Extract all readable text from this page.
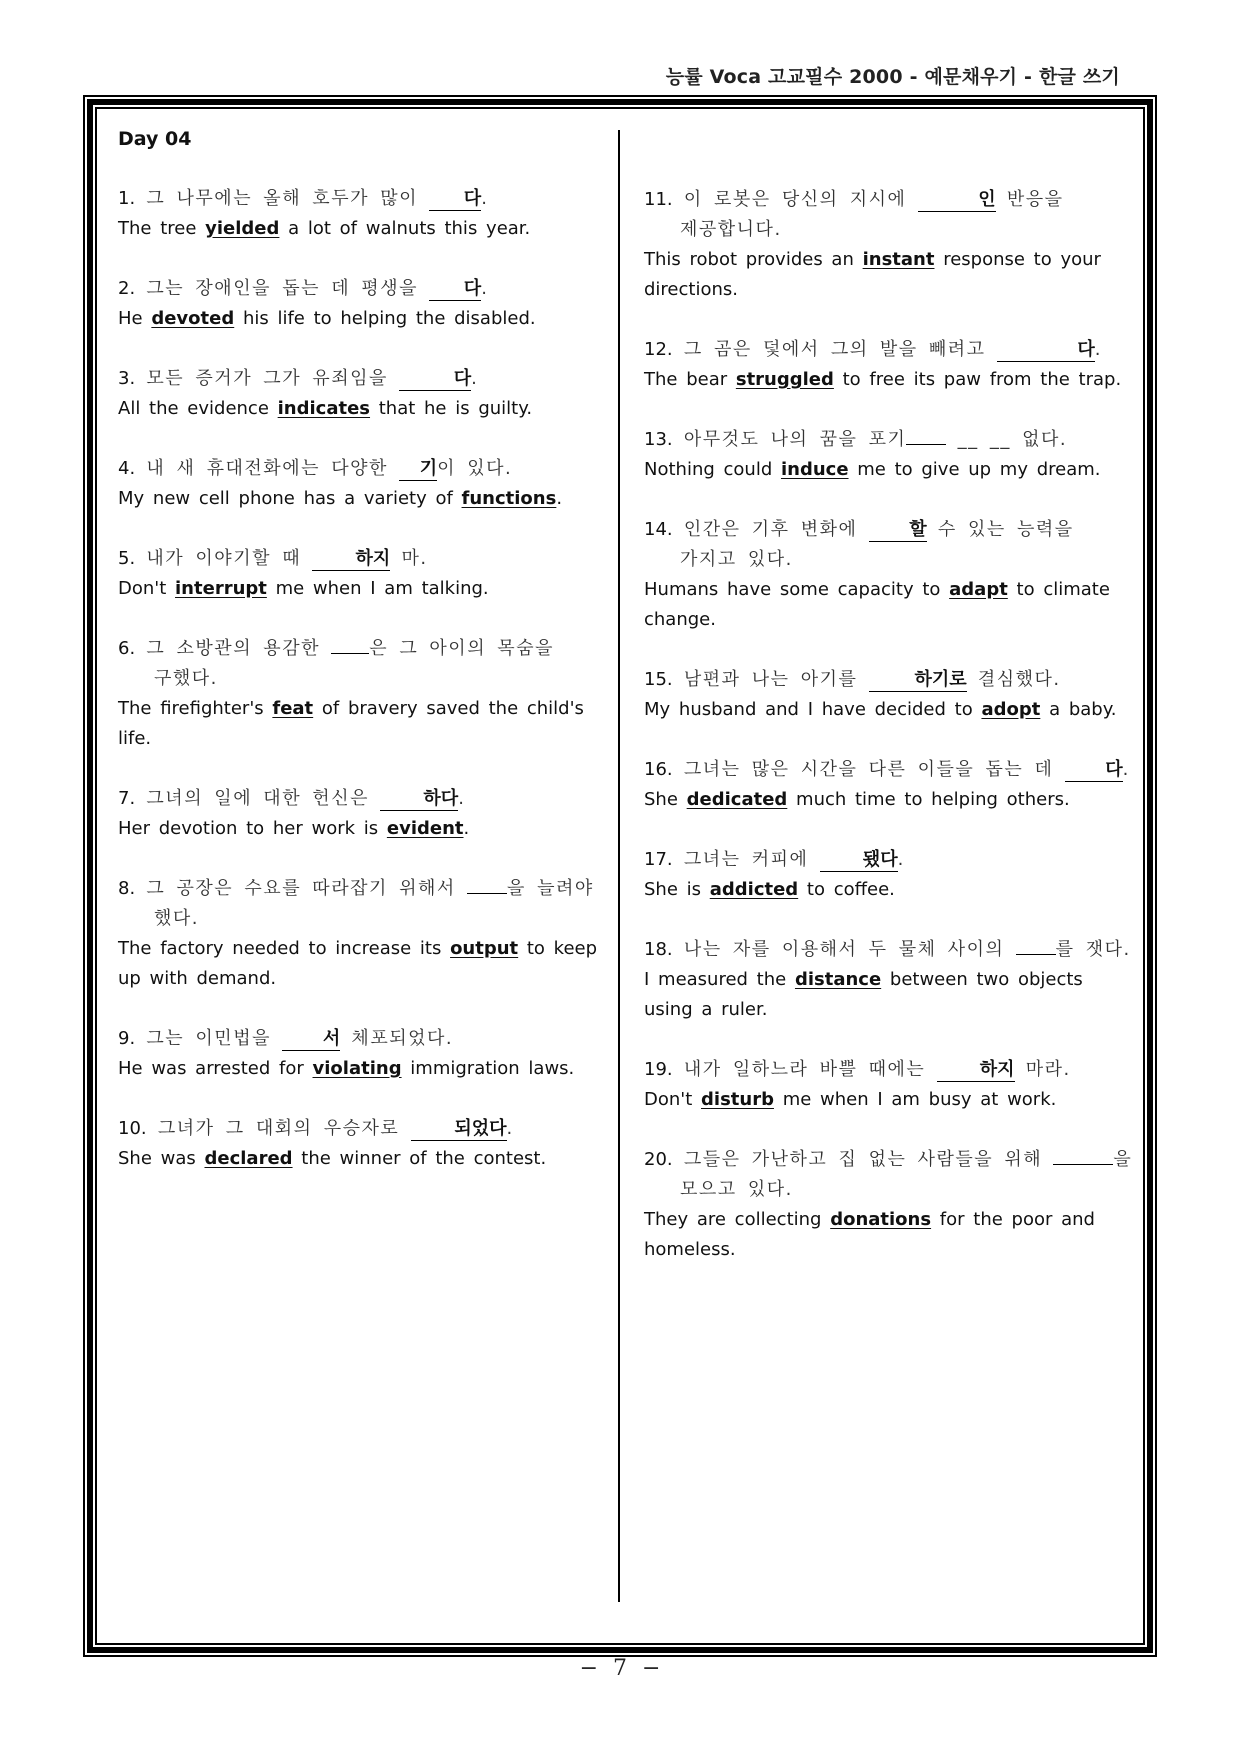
능률 Voca 고교필수 2000 - 예문채우기 - 한글 쓰기
Day 04
1. 그 나무에는 올해 호두가 많이 다.
The tree yielded a lot of walnuts this year.
2. 그는 장애인을 돕는 데 평생을 다.
He devoted his life to helping the disabled.
3. 모든 증거가 그가 유죄임을	다.
All the evidence indicates that he is guilty.
4. 내 새 휴대전화에는 다양한 기이 있다.
My new cell phone has a variety of functions.
5. 내가 이야기할 때 하지 마.
Don't interrupt me when I am talking.
6. 그 소방관의 용감한 은 그 아이의 목숨을
구했다.
The firefighter's feat of bravery saved the child's life.
7. 그녀의 일에 대한 헌신은 하다.
Her devotion to her work is evident.
8. 그 공장은 수요를 따라잡기 위해서 을 늘려야
했다.
The factory needed to increase its output to keep up with demand.
9. 그는 이민법을 서 체포되었다.
He was arrested for violating immigration laws.
10. 그녀가 그 대회의 우승자로 되었다.
She was declared the winner of the contest.
11. 이 로봇은 당신의 지시에	인 반응을
제공합니다.
This robot provides an instant response to your directions.
12. 그 곰은 덫에서 그의 발을 빼려고	다.
The bear struggled to free its paw from the trap.
13. 아무것도 나의 꿈을 포기 __ __ 없다.
Nothing could induce me to give up my dream.
14. 인간은 기후 변화에 할 수 있는 능력을
가지고 있다.
Humans have some capacity to adapt to climate change.
15. 남편과 나는 아기를	하기로 결심했다.
My husband and I have decided to adopt a baby.
16. 그녀는 많은 시간을 다른 이들을 돕는 데 다.
She dedicated much time to helping others.
17. 그녀는 커피에 됐다.
She is addicted to coffee.
18. 나는 자를 이용해서 두 물체 사이의 를 잿다.
I measured the distance between two objects using a ruler.
19. 내가 일하느라 바쁠 때에는 하지 마라.
Don't disturb me when I am busy at work.
20. 그들은 가난하고 집 없는 사람들을 위해	을
모으고 있다.
They are collecting donations for the poor and homeless.
− 7 −
